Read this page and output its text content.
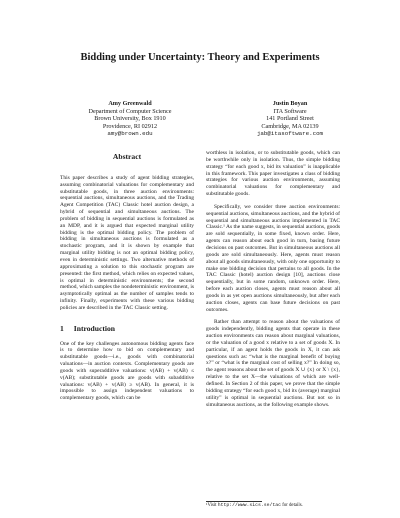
Bidding under Uncertainty: Theory and Experiments
Amy Greenwald
Department of Computer Science
Brown University, Box 1910
Providence, RI 02912
amy@brown.edu
Justin Boyan
ITA Software
141 Portland Street
Cambridge, MA 02139
jab@itasoftware.com
Abstract

This paper describes a study of agent bidding strategies, assuming combinatorial valuations for complementary and substitutable goods, in three auction environments: sequential auctions, simultaneous auctions, and the Trading Agent Competition (TAC) Classic hotel auction design, a hybrid of sequential and simultaneous auctions. The problem of bidding in sequential auctions is formulated as an MDP, and it is argued that expected marginal utility bidding is the optimal bidding policy. The problem of bidding in simultaneous auctions is formulated as a stochastic program, and it is shown by example that marginal utility bidding is not an optimal bidding policy, even in deterministic settings. Two alternative methods of approximating a solution to this stochastic program are presented: the first method, which relies on expected values, is optimal in deterministic environments; the second method, which samples the nondeterministic environment, is asymptotically optimal as the number of samples tends to infinity. Finally, experiments with these various bidding policies are described in the TAC Classic setting.

1 Introduction

One of the key challenges autonomous bidding agents face is to determine how to bid on complementary and substitutable goods—i.e., goods with combinatorial valuations—in auction contexts. Complementary goods are goods with superadditive valuations: v(AB) + v(AB) ≤ v(AB); substitutable goods are goods with subadditive valuations: v(AB) + v(AB) ≥ v(AB). In general, it is impossible to assign independent valuations to complementary goods, which can be

worthless in isolation, or to substitutable goods, which can be worthwhile only in isolation. Thus, the simple bidding strategy “for each good x, bid its valuation” is inapplicable in this framework. This paper investigates a class of bidding strategies for various auction environments, assuming combinatorial valuations for complementary and substitutable goods.

Specifically, we consider three auction environments: sequential auctions, simultaneous auctions, and the hybrid of sequential and simultaneous auctions implemented in TAC Classic.¹ As the name suggests, in sequential auctions, goods are sold sequentially, in some fixed, known order. Here, agents can reason about each good in turn, basing future decisions on past outcomes. But in simultaneous auctions all goods are sold simultaneously. Here, agents must reason about all goods simultaneously, with only one opportunity to make one bidding decision that pertains to all goods. In the TAC Classic (hotel) auction design [10], auctions close sequentially, but in some random, unknown order. Here, before each auction closes, agents must reason about all goods in as yet open auctions simultaneously, but after each auction closes, agents can base future decisions on past outcomes.

Rather than attempt to reason about the valuations of goods independently, bidding agents that operate in these auction environments can reason about marginal valuations, or the valuation of a good x relative to a set of goods X. In particular, if an agent holds the goods in X, it can ask questions such as: “what is the marginal benefit of buying x?” or “what is the marginal cost of selling x?” In doing so, the agent reasons about the set of goods X ∪ {x} or X \ {x}, relative to the set X—the valuations of which are well-defined. In Section 2 of this paper, we prove that the simple bidding strategy “for each good x, bid its (average) marginal utility” is optimal in sequential auctions. But not so in simultaneous auctions, as the following example shows.

¹Visit http://www.sics.se/tac for details.
